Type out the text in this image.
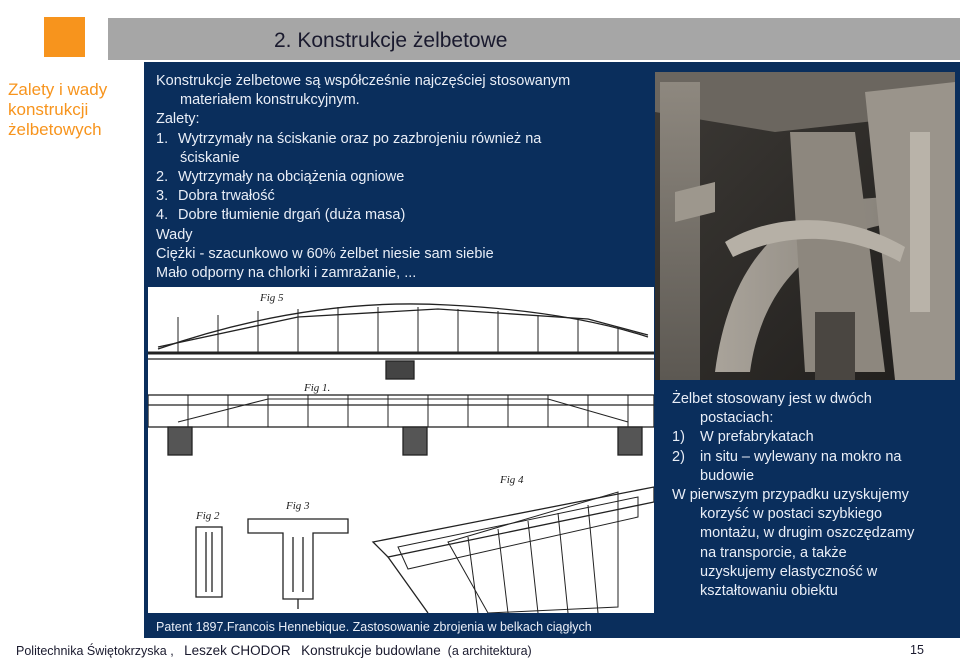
2. Konstrukcje żelbetowe
Zalety i wady konstrukcji żelbetowych
Konstrukcje żelbetowe są współcześnie najczęściej stosowanym
materiałem konstrukcyjnym.
Zalety:
1. Wytrzymały na ściskanie oraz po zazbrojeniu również na
ściskanie
2. Wytrzymały na obciążenia ogniowe
3. Dobra trwałość
4. Dobre tłumienie drgań (duża masa)
Wady
Ciężki - szacunkowo w 60% żelbet niesie sam siebie
Mało odporny na chlorki i zamrażanie, ...
Fig 5
Fig 1.
Fig 2
Fig 3
Fig 4
Żelbet stosowany jest w dwóch
postaciach:
1) W prefabrykatach
2) in situ – wylewany na mokro na
budowie
W pierwszym przypadku uzyskujemy
korzyść w postaci szybkiego
montażu, w drugim oszczędzamy
na transporcie, a także
uzyskujemy elastyczność w
kształtowaniu obiektu
Patent 1897.Francois Hennebique. Zastosowanie zbrojenia w belkach ciągłych
Politechnika Świętokrzyska , Leszek CHODOR Konstrukcje budowlane (a architektura)	15
